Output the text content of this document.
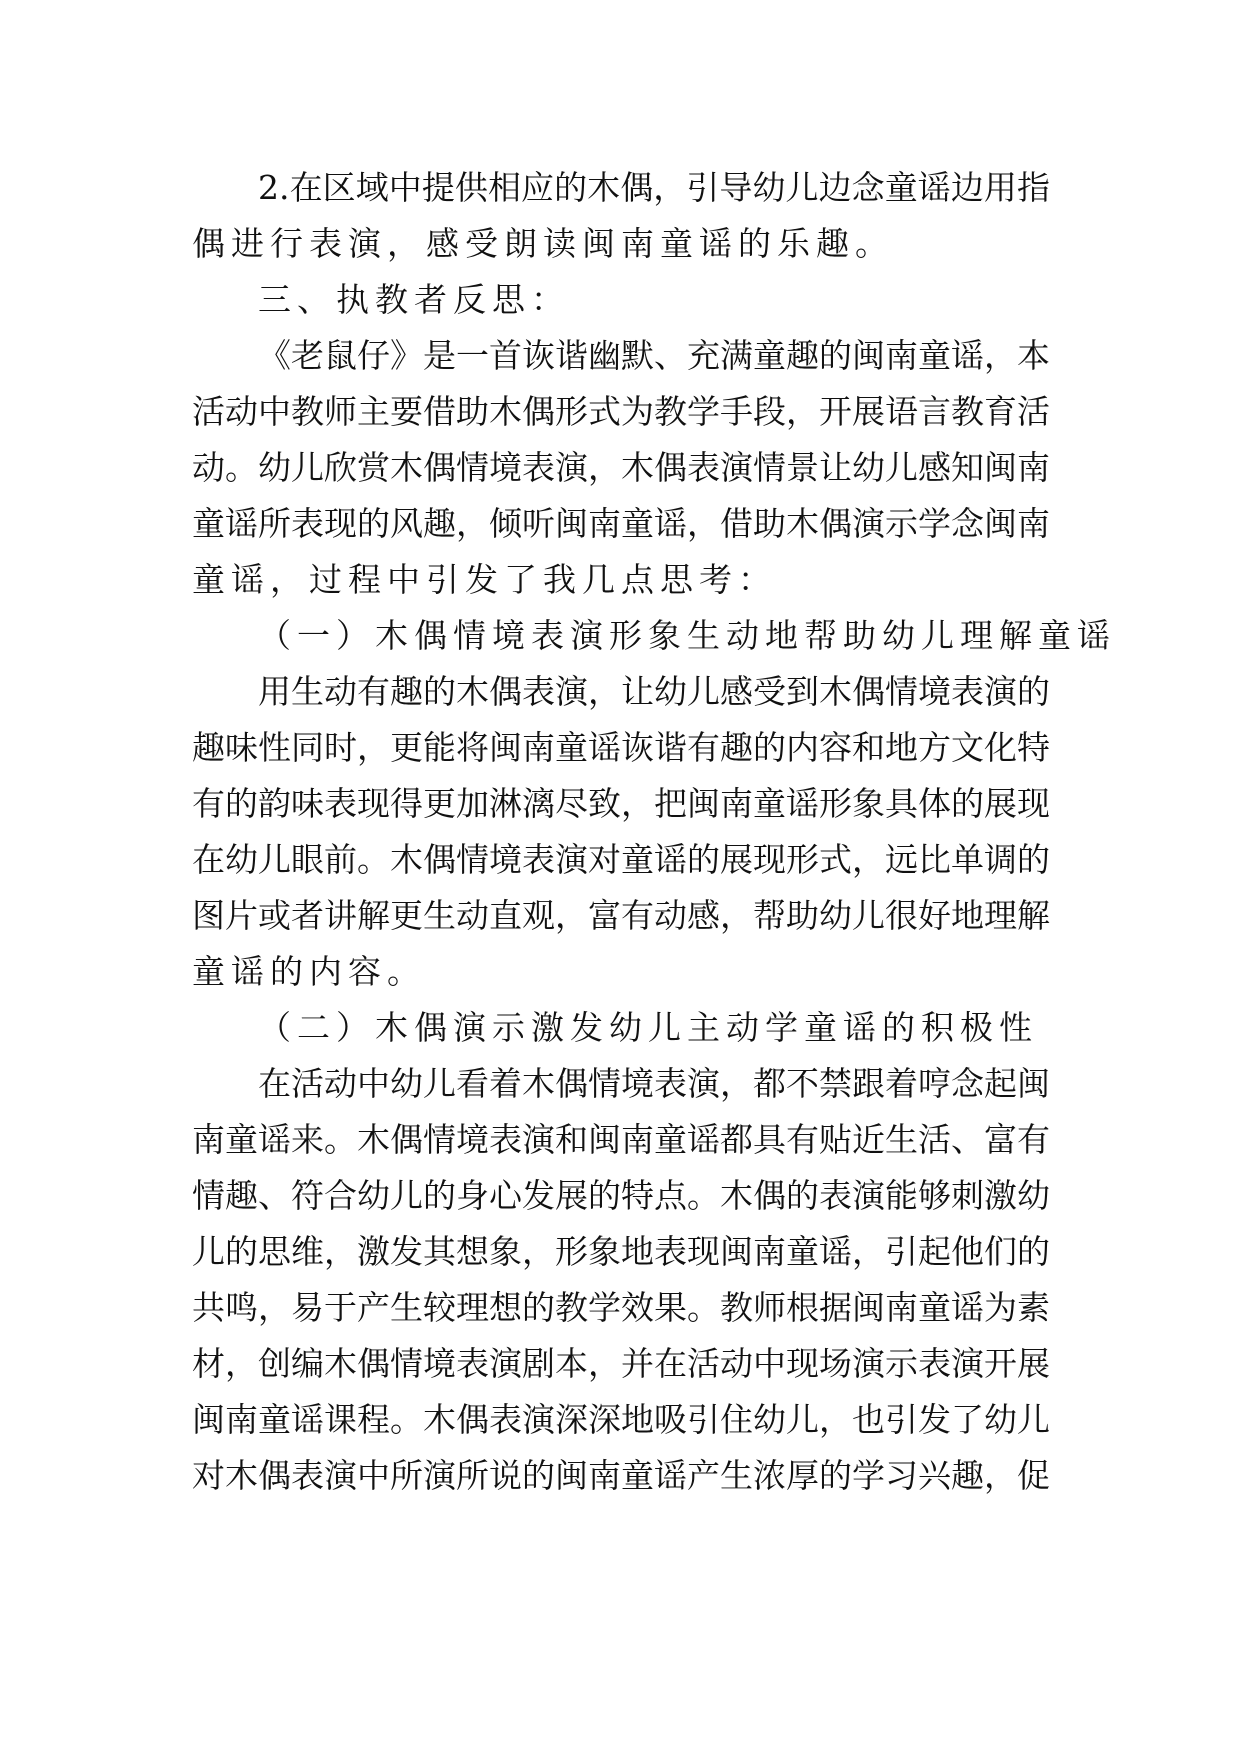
2. 在 区 域 中 提 供 相 应 的 木 偶 ， 引 导 幼 儿 边 念 童 谣 边 用 指
偶进行表演，感受朗读闽南童谣的乐趣。
三、执教者反思：
《 老 鼠 仔 》 是 一 首 诙 谐 幽 默 、 充 满 童 趣 的 闽 南 童 谣 ， 本
活 动 中 教 师 主 要 借 助 木 偶 形 式 为 教 学 手 段 ， 开 展 语 言 教 育 活
动 。 幼 儿 欣 赏 木 偶 情 境 表 演 ， 木 偶 表 演 情 景 让 幼 儿 感 知 闽 南
童 谣 所 表 现 的 风 趣 ， 倾 听 闽 南 童 谣 ， 借 助 木 偶 演 示 学 念 闽 南
童谣，过程中引发了我几点思考：
（一）木偶情境表演形象生动地帮助幼儿理解童谣
用 生 动 有 趣 的 木 偶 表 演 ， 让 幼 儿 感 受 到 木 偶 情 境 表 演 的
趣 味 性 同 时 ， 更 能 将 闽 南 童 谣 诙 谐 有 趣 的 内 容 和 地 方 文 化 特
有 的 韵 味 表 现 得 更 加 淋 漓 尽 致 ， 把 闽 南 童 谣 形 象 具 体 的 展 现
在 幼 儿 眼 前 。 木 偶 情 境 表 演 对 童 谣 的 展 现 形 式 ， 远 比 单 调 的
图 片 或 者 讲 解 更 生 动 直 观 ， 富 有 动 感 ， 帮 助 幼 儿 很 好 地 理 解
童谣的内容。
（二）木偶演示激发幼儿主动学童谣的积极性
在 活 动 中 幼 儿 看 着 木 偶 情 境 表 演 ， 都 不 禁 跟 着 哼 念 起 闽
南 童 谣 来 。 木 偶 情 境 表 演 和 闽 南 童 谣 都 具 有 贴 近 生 活 、 富 有
情 趣 、 符 合 幼 儿 的 身 心 发 展 的 特 点 。 木 偶 的 表 演 能 够 刺 激 幼
儿 的 思 维 ， 激 发 其 想 象 ， 形 象 地 表 现 闽 南 童 谣 ， 引 起 他 们 的
共 鸣 ， 易 于 产 生 较 理 想 的 教 学 效 果 。 教 师 根 据 闽 南 童 谣 为 素
材 ， 创 编 木 偶 情 境 表 演 剧 本 ， 并 在 活 动 中 现 场 演 示 表 演 开 展
闽 南 童 谣 课 程 。 木 偶 表 演 深 深 地 吸 引 住 幼 儿 ， 也 引 发 了 幼 儿
对 木 偶 表 演 中 所 演 所 说 的 闽 南 童 谣 产 生 浓 厚 的 学 习 兴 趣 ， 促
